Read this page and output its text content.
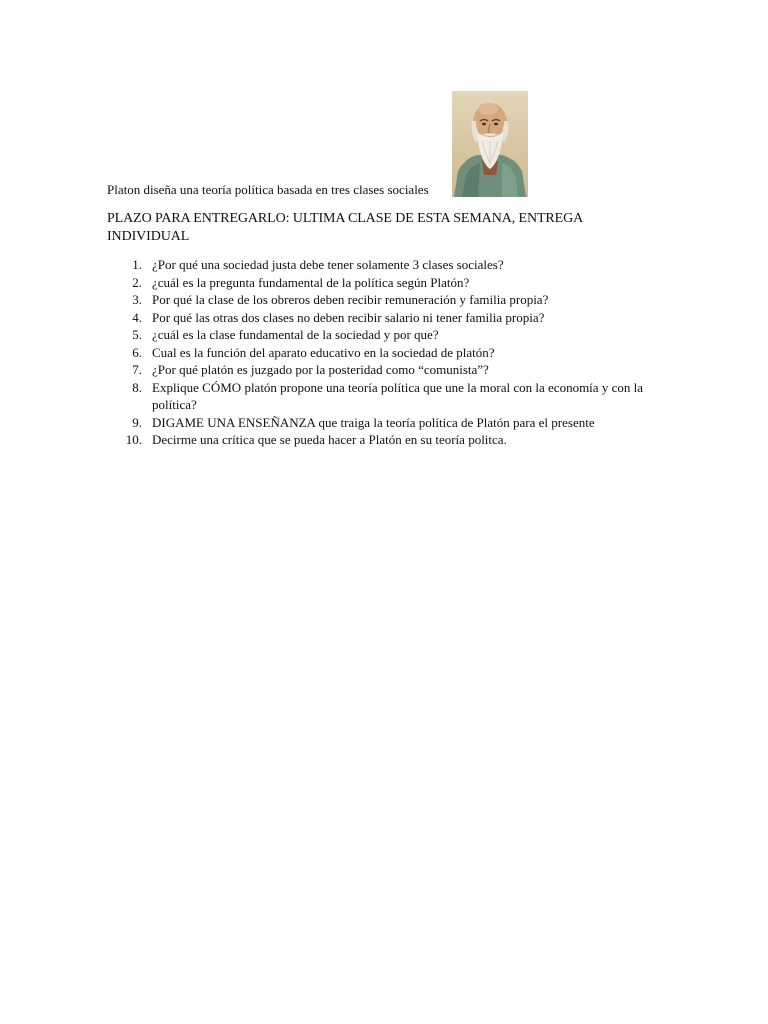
Platon diseña una teoría política basada en tres clases sociales
PLAZO PARA ENTREGARLO: ULTIMA CLASE DE ESTA SEMANA, ENTREGA INDIVIDUAL
1. ¿Por qué una sociedad justa debe tener solamente 3 clases sociales?
2. ¿cuál es la pregunta fundamental de la política según Platón?
3. Por qué la clase de los obreros deben recibir remuneración y familia propia?
4. Por qué las otras dos clases no deben recibir salario ni tener familia propia?
5. ¿cuál es la clase fundamental de la sociedad y por que?
6. Cual es la función del aparato educativo en la sociedad de platón?
7. ¿Por qué platón es juzgado por la posteridad como “comunista”?
8. Explique CÓMO platón propone una teoría política que une la moral con la economía y con la política?
9. DIGAME UNA ENSEÑANZA que traiga la teoría política de Platón para el presente
10. Decirme una crítica que se pueda hacer a Platón en su teoría politca.
